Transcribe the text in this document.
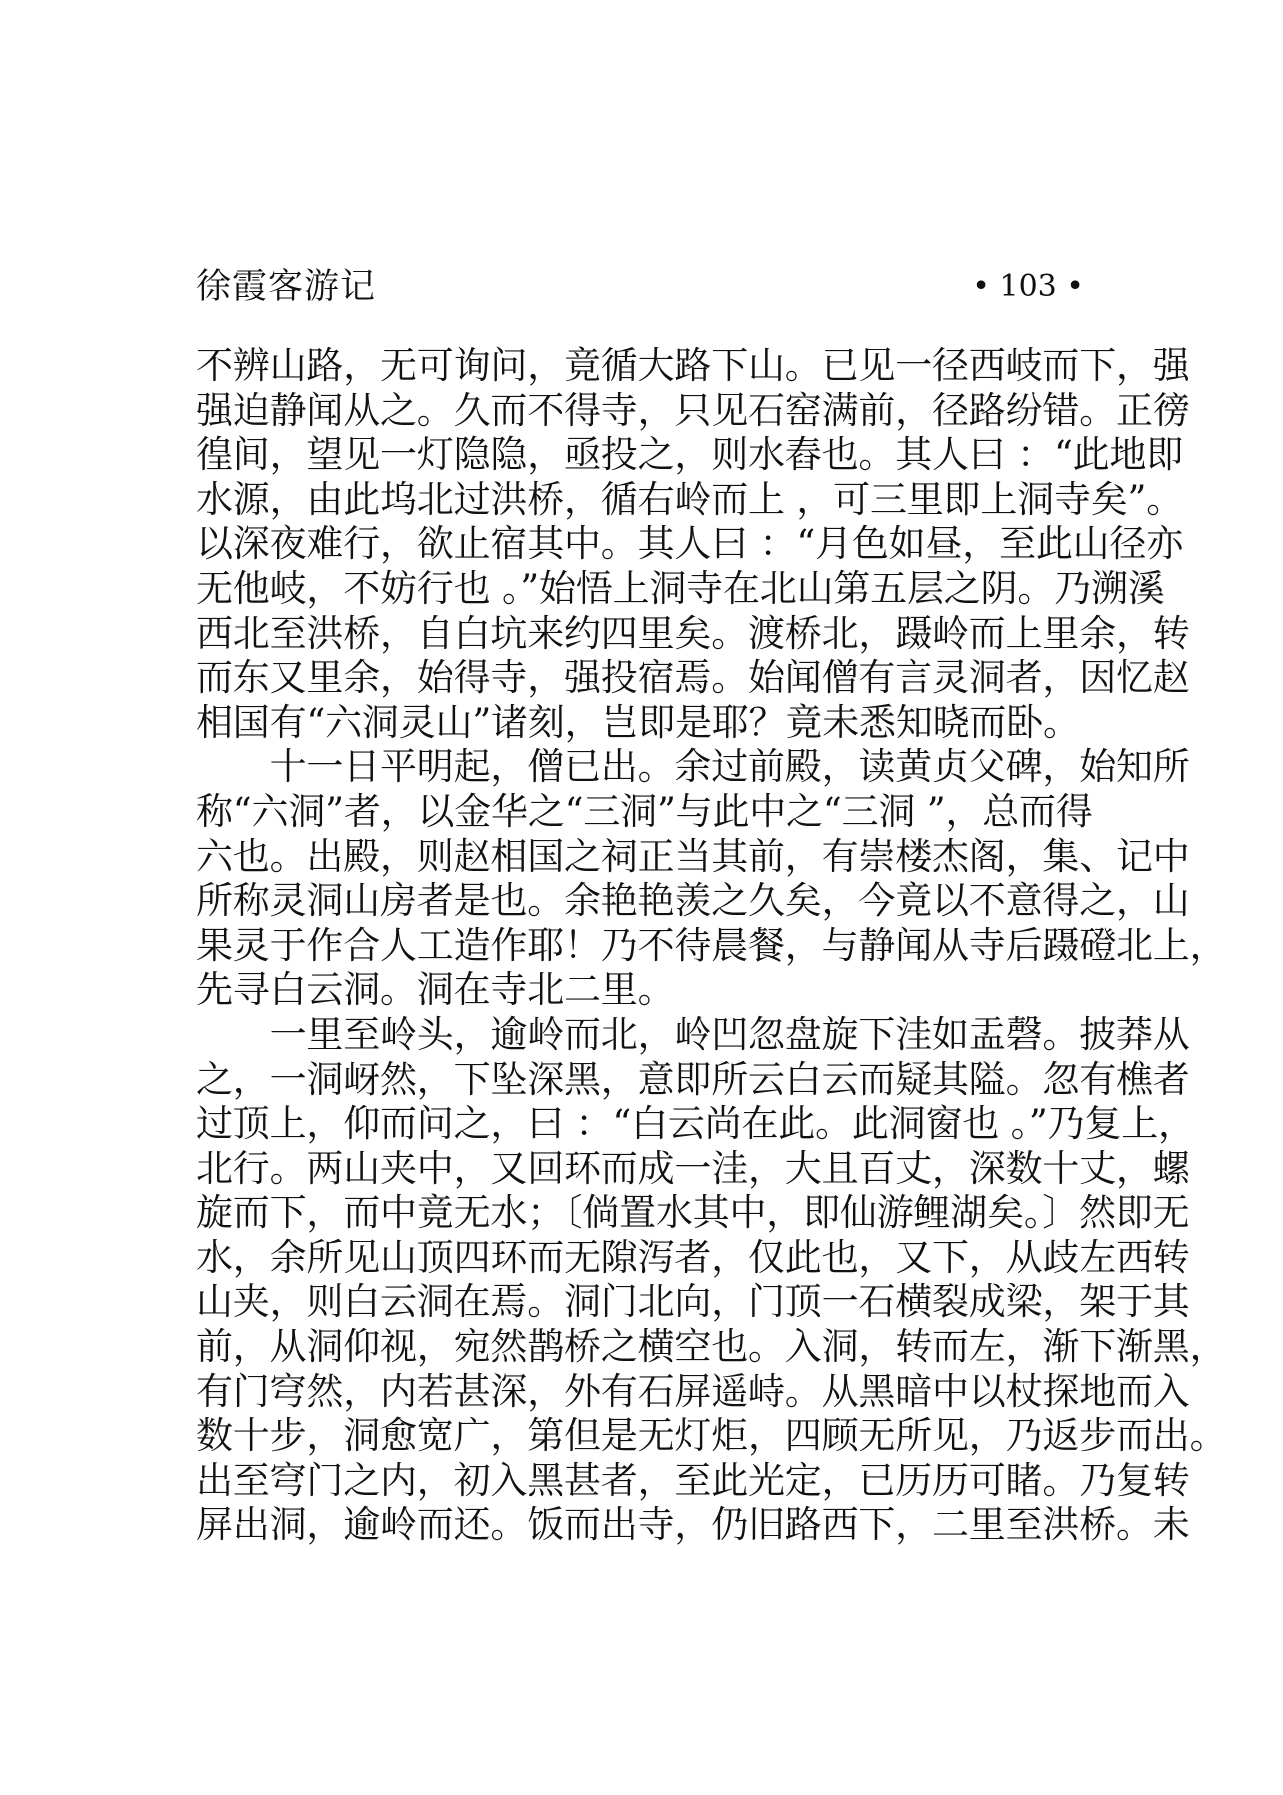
徐霞客游记	• 103 •
不辨山路，无可询问，竟循大路下山。已见一径西岐而下，强
强迫静闻从之。久而不得寺，只见石窑满前，径路纷错。正徬
徨间，望见一灯隐隐，亟投之，则水舂也。其人曰 ：“此地即
水源，由此坞北过洪桥，循右岭而上 ，可三里即上洞寺矣”。
以深夜难行，欲止宿其中。其人曰 ：“月色如昼，至此山径亦
无他岐，不妨行也 。”始悟上洞寺在北山第五层之阴。乃溯溪
西北至洪桥，自白坑来约四里矣。渡桥北，蹑岭而上里余，转
而东又里余，始得寺，强投宿焉。始闻僧有言灵洞者，因忆赵
相国有“六洞灵山”诸刻，岂即是耶？竟未悉知晓而卧。
　　十一日平明起，僧已出。余过前殿，读黄贞父碑，始知所
称“六洞”者，以金华之“三洞”与此中之“三洞 ”，总而得
六也。出殿，则赵相国之祠正当其前，有崇楼杰阁，集、记中
所称灵洞山房者是也。余艳艳羡之久矣，今竟以不意得之，山
果灵于作合人工造作耶！乃不待晨餐，与静闻从寺后蹑磴北上，
先寻白云洞。洞在寺北二里。
　　一里至岭头，逾岭而北，岭凹忽盘旋下洼如盂磬。披莽从
之，一洞岈然，下坠深黑，意即所云白云而疑其隘。忽有樵者
过顶上，仰而问之，曰 ：“白云尚在此。此洞窗也 。”乃复上，
北行。两山夹中，又回环而成一洼，大且百丈，深数十丈，螺
旋而下，而中竟无水；〔倘置水其中，即仙游鲤湖矣。〕然即无
水，余所见山顶四环而无隙泻者，仅此也，又下，从歧左西转
山夹，则白云洞在焉。洞门北向，门顶一石横裂成梁，架于其
前，从洞仰视，宛然鹊桥之横空也。入洞，转而左，渐下渐黑，
有门穹然，内若甚深，外有石屏遥峙。从黑暗中以杖探地而入
数十步，洞愈宽广，第但是无灯炬，四顾无所见，乃返步而出。
出至穹门之内，初入黑甚者，至此光定，已历历可睹。乃复转
屏出洞，逾岭而还。饭而出寺，仍旧路西下，二里至洪桥。未
